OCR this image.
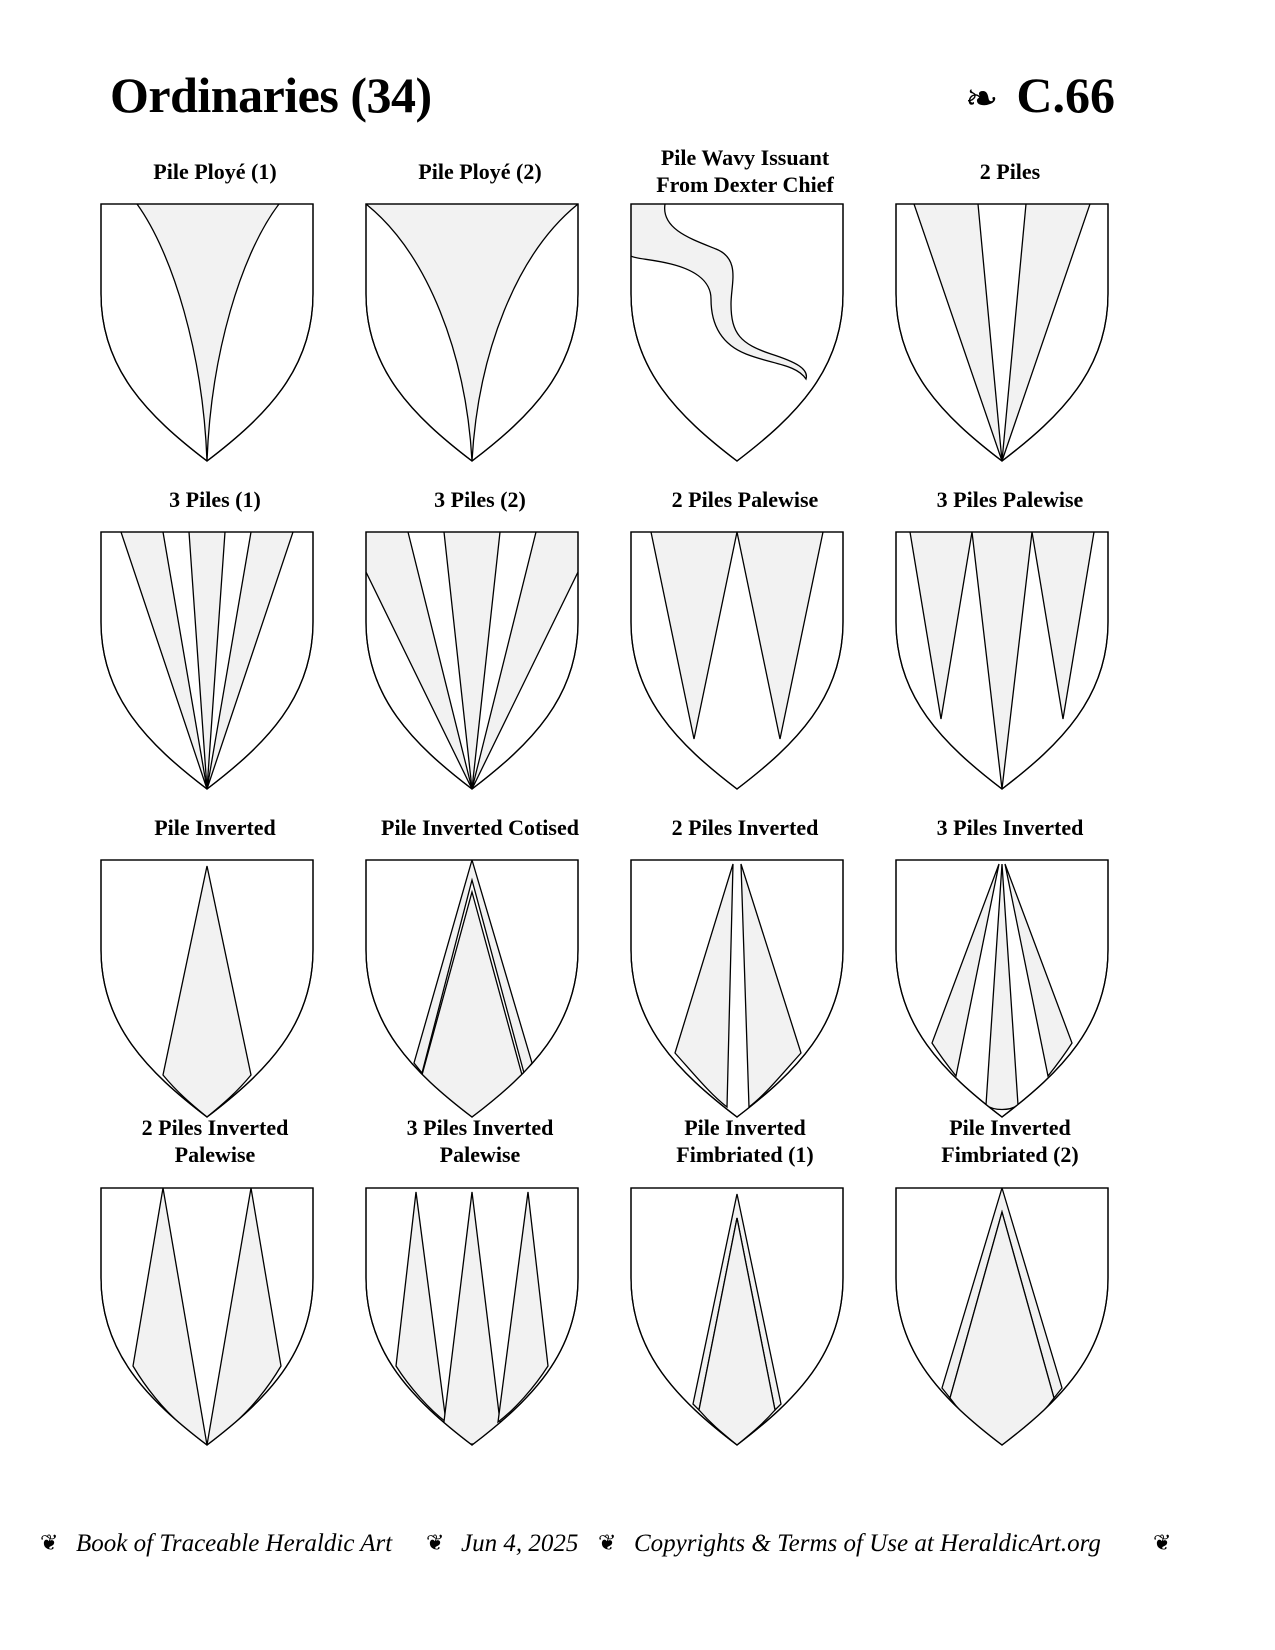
Ordinaries (34)	❧ C.66
Pile Ployé (1)	Pile Ployé (2)
Pile Wavy Issuant
From Dexter Chief
2 Piles
3 Piles (1)	3 Piles (2)	2 Piles Palewise	3 Piles Palewise
Pile Inverted	Pile Inverted Cotised	2 Piles Inverted	3 Piles Inverted
2 Piles Inverted
Palewise
3 Piles Inverted
Palewise
Pile Inverted
Fimbriated (1)
Pile Inverted
Fimbriated (2)
❦ Book of Traceable Heraldic Art ❦ Jun 4, 2025 ❦ Copyrights & Terms of Use at HeraldicArt.org ❦
